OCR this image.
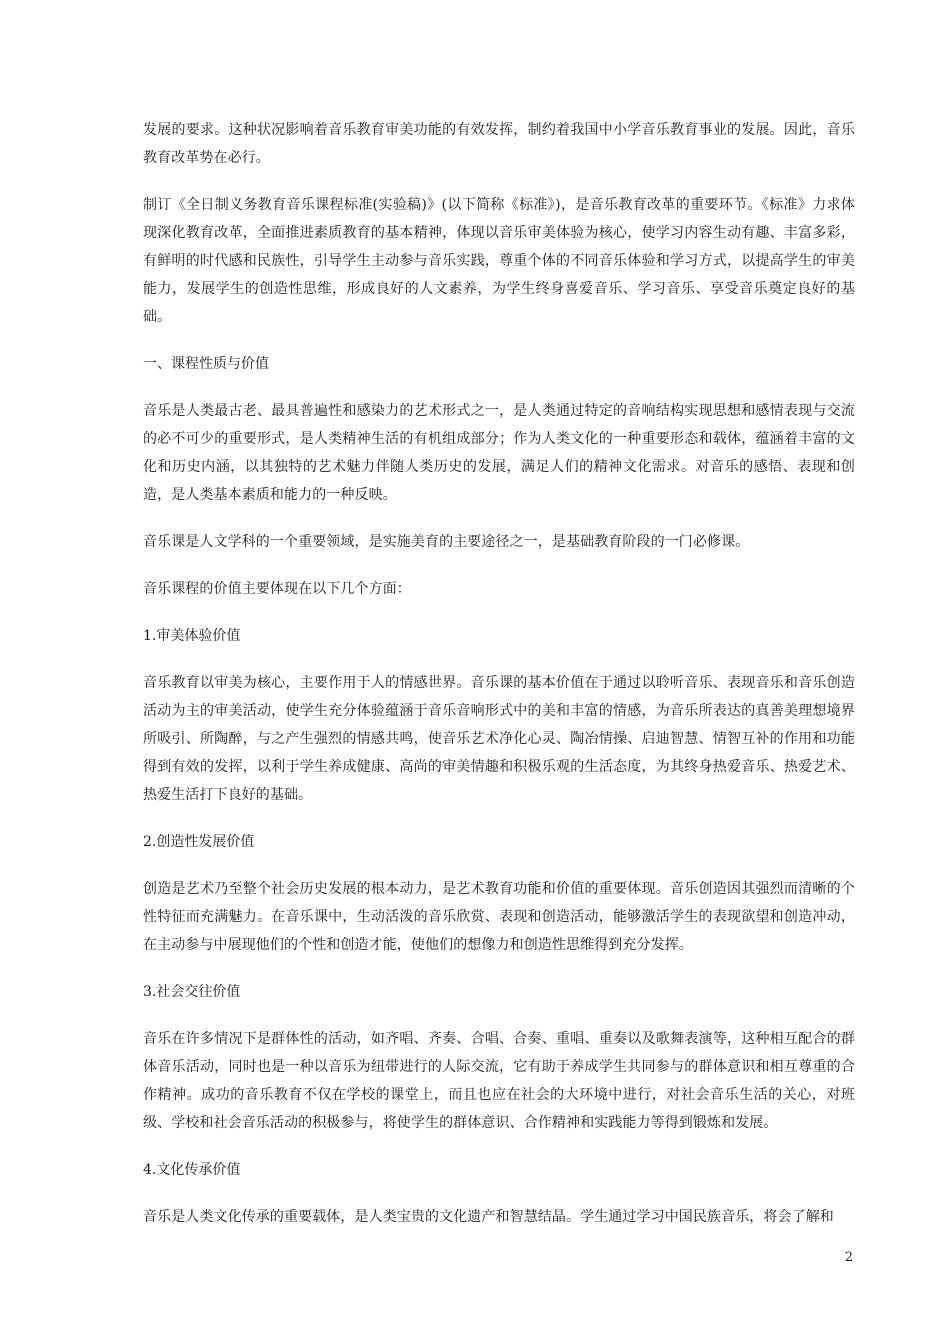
发展的要求。这种状况影响着音乐教育审美功能的有效发挥，制约着我国中小学音乐教育事业的发展。因此，音乐教育改革势在必行。

制订《全日制义务教育音乐课程标准(实验稿)》(以下简称《标准》)，是音乐教育改革的重要环节。《标准》力求体现深化教育改革，全面推进素质教育的基本精神，体现以音乐审美体验为核心，使学习内容生动有趣、丰富多彩，有鲜明的时代感和民族性，引导学生主动参与音乐实践，尊重个体的不同音乐体验和学习方式，以提高学生的审美能力，发展学生的创造性思维，形成良好的人文素养，为学生终身喜爱音乐、学习音乐、享受音乐奠定良好的基础。

一、课程性质与价值

音乐是人类最古老、最具普遍性和感染力的艺术形式之一，是人类通过特定的音响结构实现思想和感情表现与交流的必不可少的重要形式，是人类精神生活的有机组成部分；作为人类文化的一种重要形态和载体，蕴涵着丰富的文化和历史内涵，以其独特的艺术魅力伴随人类历史的发展，满足人们的精神文化需求。对音乐的感悟、表现和创造，是人类基本素质和能力的一种反映。

音乐课是人文学科的一个重要领域，是实施美育的主要途径之一，是基础教育阶段的一门必修课。

音乐课程的价值主要体现在以下几个方面：

1.审美体验价值

音乐教育以审美为核心，主要作用于人的情感世界。音乐课的基本价值在于通过以聆听音乐、表现音乐和音乐创造活动为主的审美活动，使学生充分体验蕴涵于音乐音响形式中的美和丰富的情感，为音乐所表达的真善美理想境界所吸引、所陶醉，与之产生强烈的情感共鸣，使音乐艺术净化心灵、陶冶情操、启迪智慧、情智互补的作用和功能得到有效的发挥，以利于学生养成健康、高尚的审美情趣和积极乐观的生活态度，为其终身热爱音乐、热爱艺术、热爱生活打下良好的基础。

2.创造性发展价值

创造是艺术乃至整个社会历史发展的根本动力，是艺术教育功能和价值的重要体现。音乐创造因其强烈而清晰的个性特征而充满魅力。在音乐课中，生动活泼的音乐欣赏、表现和创造活动，能够激活学生的表现欲望和创造冲动，在主动参与中展现他们的个性和创造才能，使他们的想像力和创造性思维得到充分发挥。

3.社会交往价值

音乐在许多情况下是群体性的活动，如齐唱、齐奏、合唱、合奏、重唱、重奏以及歌舞表演等，这种相互配合的群体音乐活动，同时也是一种以音乐为纽带进行的人际交流，它有助于养成学生共同参与的群体意识和相互尊重的合作精神。成功的音乐教育不仅在学校的课堂上，而且也应在社会的大环境中进行，对社会音乐生活的关心，对班级、学校和社会音乐活动的积极参与，将使学生的群体意识、合作精神和实践能力等得到锻炼和发展。

4.文化传承价值

音乐是人类文化传承的重要载体，是人类宝贵的文化遗产和智慧结晶。学生通过学习中国民族音乐，将会了解和

2
